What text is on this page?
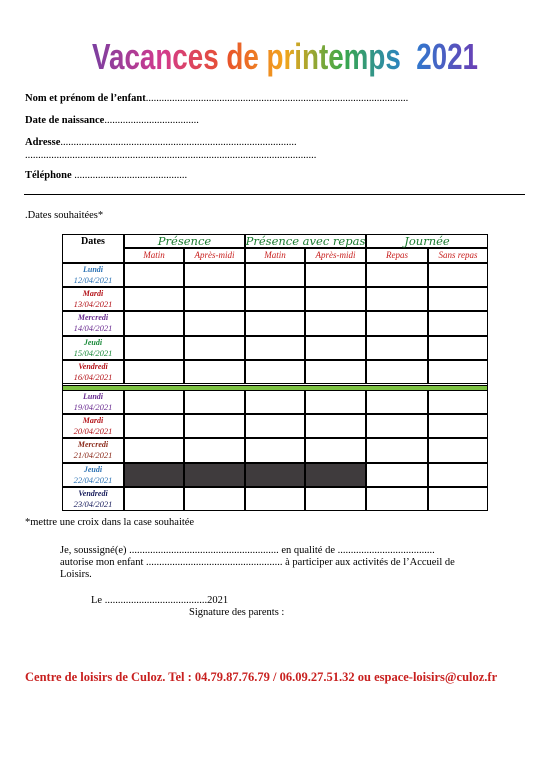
Vacances de printemps  2021
Nom et prénom de l’enfant....................................................................................................
Date de naissance....................................
Adresse..........................................................................................
...............................................................................................................
Téléphone ...........................................
.Dates souhaitées*
Dates	Présence	Présence avec repas	Journée
Matin	Après-midi	Matin	Après-midi	Repas	Sans repas
Lundi
12/04/2021
Mardi
13/04/2021
Mercredi
14/04/2021
Jeudi
15/04/2021
Vendredi
16/04/2021
Lundi
19/04/2021
Mardi
20/04/2021
Mercredi
21/04/2021
Jeudi
22/04/2021
Vendredi
23/04/2021
*mettre une croix dans la case souhaitée
Je, soussigné(e) ......................................................... en qualité de .....................................
autorise mon enfant .................................................... à participer aux activités de l’Accueil de
Loisirs.
Le .......................................2021
Signature des parents :
Centre de loisirs de Culoz. Tel : 04.79.87.76.79 / 06.09.27.51.32 ou espace-loisirs@culoz.fr
